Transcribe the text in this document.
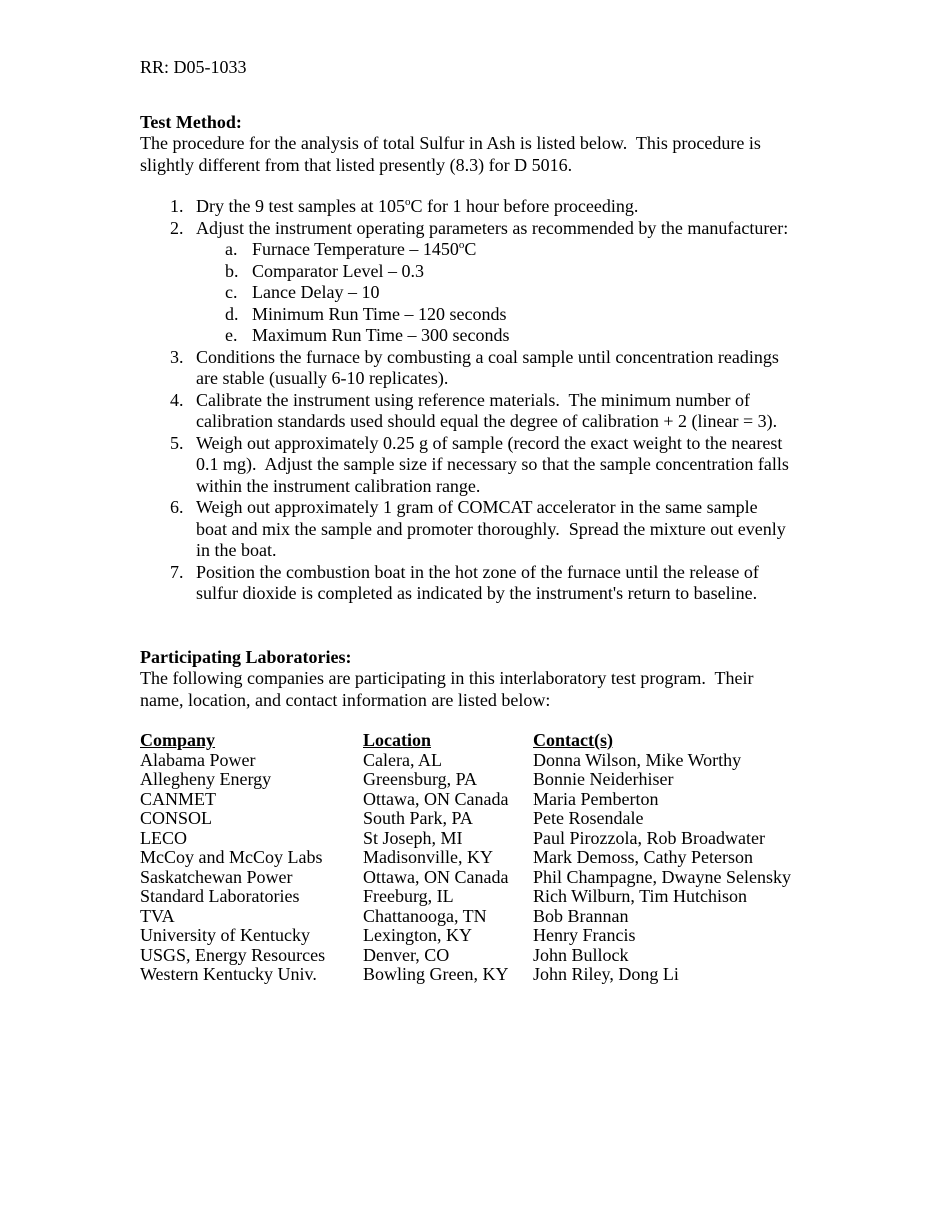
RR: D05-1033
Test Method:
The procedure for the analysis of total Sulfur in Ash is listed below.  This procedure is
slightly different from that listed presently (8.3) for D 5016.
1. Dry the 9 test samples at 105$^o$C for 1 hour before proceeding.
2. Adjust the instrument operating parameters as recommended by the manufacturer:
a. Furnace Temperature – 1450$^o$C
b. Comparator Level – 0.3
c. Lance Delay – 10
d. Minimum Run Time – 120 seconds
e. Maximum Run Time – 300 seconds
3. Conditions the furnace by combusting a coal sample until concentration readings
are stable (usually 6-10 replicates).
4. Calibrate the instrument using reference materials.  The minimum number of
calibration standards used should equal the degree of calibration + 2 (linear = 3).
5. Weigh out approximately 0.25 g of sample (record the exact weight to the nearest
0.1 mg).  Adjust the sample size if necessary so that the sample concentration falls
within the instrument calibration range.
6. Weigh out approximately 1 gram of COMCAT accelerator in the same sample
boat and mix the sample and promoter thoroughly.  Spread the mixture out evenly
in the boat.
7. Position the combustion boat in the hot zone of the furnace until the release of
sulfur dioxide is completed as indicated by the instrument's return to baseline.
Participating Laboratories:
The following companies are participating in this interlaboratory test program.  Their
name, location, and contact information are listed below:
Company	Location	Contact(s)
Alabama Power	Calera, AL	Donna Wilson, Mike Worthy
Allegheny Energy	Greensburg, PA	Bonnie Neiderhiser
CANMET	Ottawa, ON Canada	Maria Pemberton
CONSOL	South Park, PA	Pete Rosendale
LECO	St Joseph, MI	Paul Pirozzola, Rob Broadwater
McCoy and McCoy Labs	Madisonville, KY	Mark Demoss, Cathy Peterson
Saskatchewan Power	Ottawa, ON Canada	Phil Champagne, Dwayne Selensky
Standard Laboratories	Freeburg, IL	Rich Wilburn, Tim Hutchison
TVA	Chattanooga, TN	Bob Brannan
University of Kentucky	Lexington, KY	Henry Francis
USGS, Energy Resources	Denver, CO	John Bullock
Western Kentucky Univ.	Bowling Green, KY	John Riley, Dong Li
